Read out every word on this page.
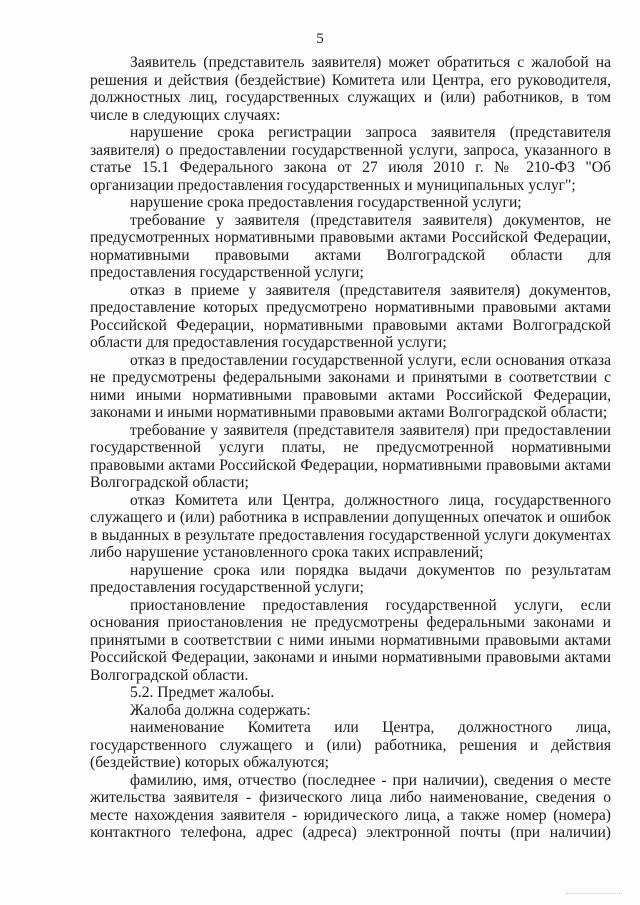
5

Заявитель (представитель заявителя) может обратиться с жалобой на решения и действия (бездействие) Комитета или Центра, его руководителя, должностных лиц, государственных служащих и (или) работников, в том числе в следующих случаях:

нарушение срока регистрации запроса заявителя (представителя заявителя) о предоставлении государственной услуги, запроса, указанного в статье 15.1 Федерального закона от 27 июля 2010 г. № 210-ФЗ "Об организации предоставления государственных и муниципальных услуг";

нарушение срока предоставления государственной услуги;

требование у заявителя (представителя заявителя) документов, не предусмотренных нормативными правовыми актами Российской Федерации, нормативными правовыми актами Волгоградской области для предоставления государственной услуги;

отказ в приеме у заявителя (представителя заявителя) документов, предоставление которых предусмотрено нормативными правовыми актами Российской Федерации, нормативными правовыми актами Волгоградской области для предоставления государственной услуги;

отказ в предоставлении государственной услуги, если основания отказа не предусмотрены федеральными законами и принятыми в соответствии с ними иными нормативными правовыми актами Российской Федерации, законами и иными нормативными правовыми актами Волгоградской области;

требование у заявителя (представителя заявителя) при предоставлении государственной услуги платы, не предусмотренной нормативными правовыми актами Российской Федерации, нормативными правовыми актами Волгоградской области;

отказ Комитета или Центра, должностного лица, государственного служащего и (или) работника в исправлении допущенных опечаток и ошибок в выданных в результате предоставления государственной услуги документах либо нарушение установленного срока таких исправлений;

нарушение срока или порядка выдачи документов по результатам предоставления государственной услуги;

приостановление предоставления государственной услуги, если основания приостановления не предусмотрены федеральными законами и принятыми в соответствии с ними иными нормативными правовыми актами Российской Федерации, законами и иными нормативными правовыми актами Волгоградской области.

5.2. Предмет жалобы.

Жалоба должна содержать:

наименование Комитета или Центра, должностного лица, государственного служащего и (или) работника, решения и действия (бездействие) которых обжалуются;

фамилию, имя, отчество (последнее - при наличии), сведения о месте жительства заявителя - физического лица либо наименование, сведения о месте нахождения заявителя - юридического лица, а также номер (номера) контактного телефона, адрес (адреса) электронной почты (при наличии)
